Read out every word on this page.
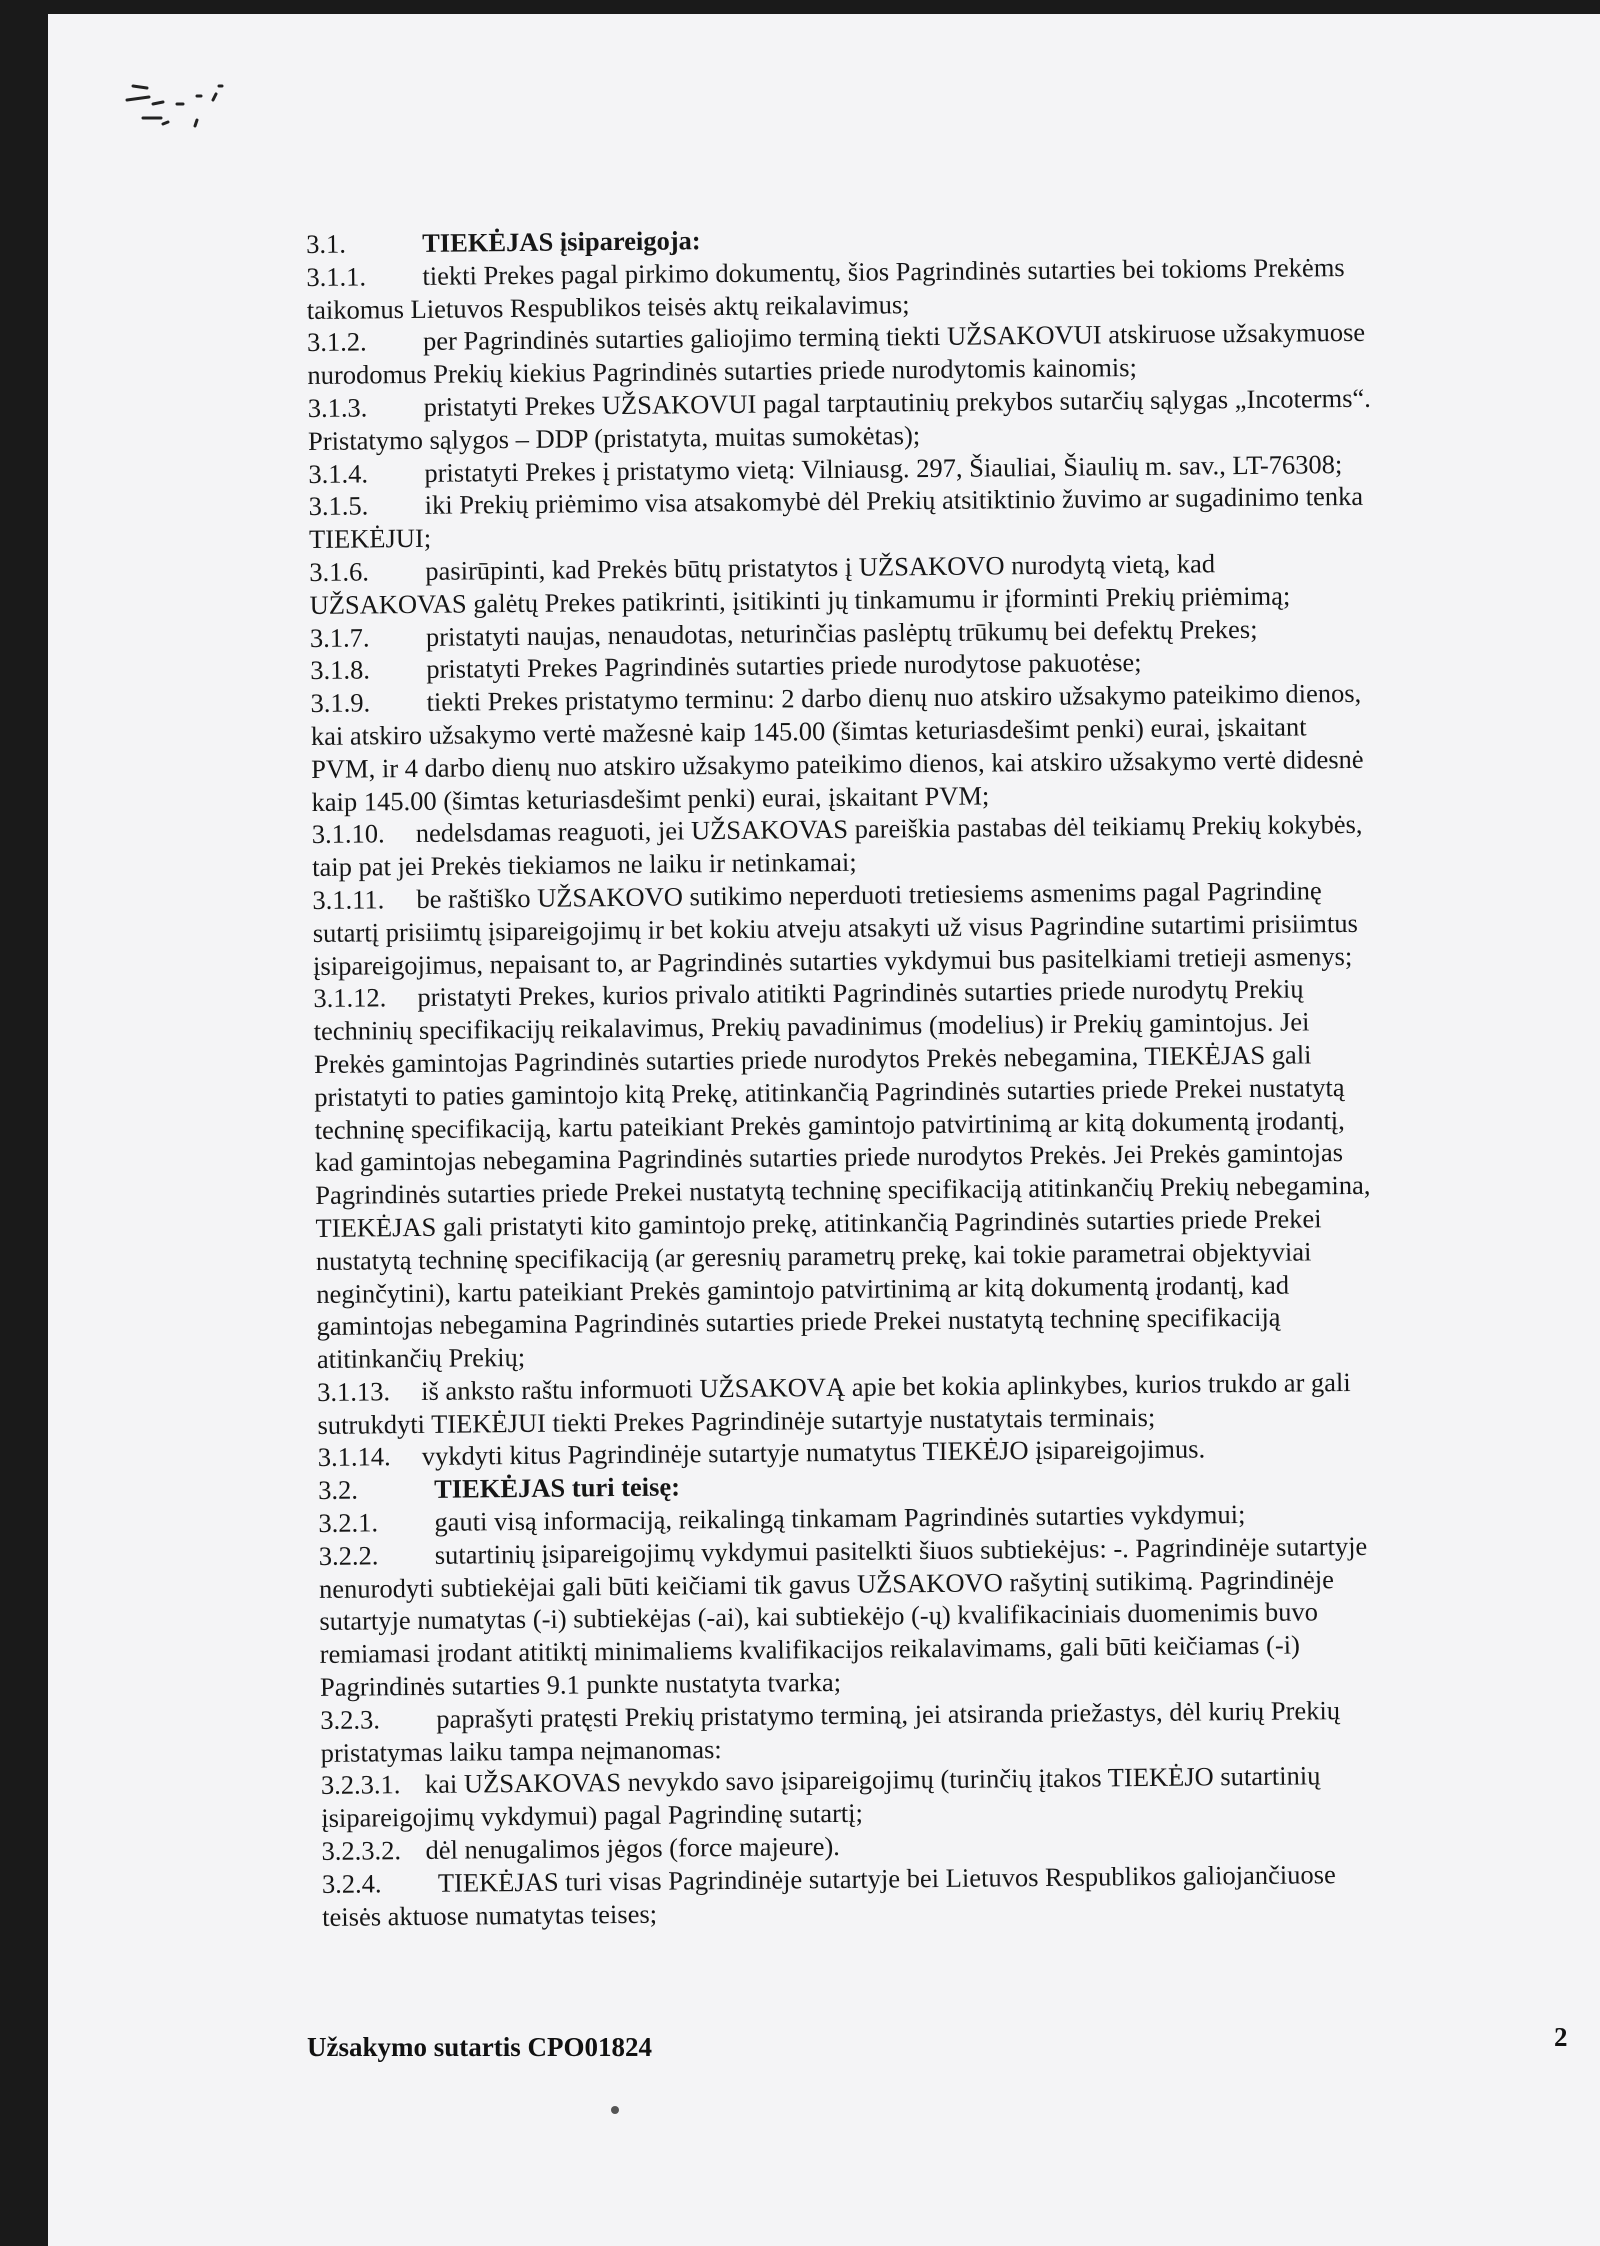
3.1.	TIEKĖJAS įsipareigoja:
3.1.1. tiekti Prekes pagal pirkimo dokumentų, šios Pagrindinės sutarties bei tokioms Prekėms
taikomus Lietuvos Respublikos teisės aktų reikalavimus;
3.1.2. per Pagrindinės sutarties galiojimo terminą tiekti UŽSAKOVUI atskiruose užsakymuose
nurodomus Prekių kiekius Pagrindinės sutarties priede nurodytomis kainomis;
3.1.3. pristatyti Prekes UŽSAKOVUI pagal tarptautinių prekybos sutarčių sąlygas „Incoterms“.
Pristatymo sąlygos – DDP (pristatyta, muitas sumokėtas);
3.1.4. pristatyti Prekes į pristatymo vietą: Vilniausg. 297, Šiauliai, Šiaulių m. sav., LT-76308;
3.1.5. iki Prekių priėmimo visa atsakomybė dėl Prekių atsitiktinio žuvimo ar sugadinimo tenka
TIEKĖJUI;
3.1.6. pasirūpinti, kad Prekės būtų pristatytos į UŽSAKOVO nurodytą vietą, kad
UŽSAKOVAS galėtų Prekes patikrinti, įsitikinti jų tinkamumu ir įforminti Prekių priėmimą;
3.1.7. pristatyti naujas, nenaudotas, neturinčias paslėptų trūkumų bei defektų Prekes;
3.1.8. pristatyti Prekes Pagrindinės sutarties priede nurodytose pakuotėse;
3.1.9. tiekti Prekes pristatymo terminu: 2 darbo dienų nuo atskiro užsakymo pateikimo dienos,
kai atskiro užsakymo vertė mažesnė kaip 145.00 (šimtas keturiasdešimt penki) eurai, įskaitant
PVM, ir 4 darbo dienų nuo atskiro užsakymo pateikimo dienos, kai atskiro užsakymo vertė didesnė
kaip 145.00 (šimtas keturiasdešimt penki) eurai, įskaitant PVM;
3.1.10. nedelsdamas reaguoti, jei UŽSAKOVAS pareiškia pastabas dėl teikiamų Prekių kokybės,
taip pat jei Prekės tiekiamos ne laiku ir netinkamai;
3.1.11. be raštiško UŽSAKOVO sutikimo neperduoti tretiesiems asmenims pagal Pagrindinę
sutartį prisiimtų įsipareigojimų ir bet kokiu atveju atsakyti už visus Pagrindine sutartimi prisiimtus
įsipareigojimus, nepaisant to, ar Pagrindinės sutarties vykdymui bus pasitelkiami tretieji asmenys;
3.1.12. pristatyti Prekes, kurios privalo atitikti Pagrindinės sutarties priede nurodytų Prekių
techninių specifikacijų reikalavimus, Prekių pavadinimus (modelius) ir Prekių gamintojus. Jei
Prekės gamintojas Pagrindinės sutarties priede nurodytos Prekės nebegamina, TIEKĖJAS gali
pristatyti to paties gamintojo kitą Prekę, atitinkančią Pagrindinės sutarties priede Prekei nustatytą
techninę specifikaciją, kartu pateikiant Prekės gamintojo patvirtinimą ar kitą dokumentą įrodantį,
kad gamintojas nebegamina Pagrindinės sutarties priede nurodytos Prekės. Jei Prekės gamintojas
Pagrindinės sutarties priede Prekei nustatytą techninę specifikaciją atitinkančių Prekių nebegamina,
TIEKĖJAS gali pristatyti kito gamintojo prekę, atitinkančią Pagrindinės sutarties priede Prekei
nustatytą techninę specifikaciją (ar geresnių parametrų prekę, kai tokie parametrai objektyviai
neginčytini), kartu pateikiant Prekės gamintojo patvirtinimą ar kitą dokumentą įrodantį, kad
gamintojas nebegamina Pagrindinės sutarties priede Prekei nustatytą techninę specifikaciją
atitinkančių Prekių;
3.1.13. iš anksto raštu informuoti UŽSAKOVĄ apie bet kokia aplinkybes, kurios trukdo ar gali
sutrukdyti TIEKĖJUI tiekti Prekes Pagrindinėje sutartyje nustatytais terminais;
3.1.14. vykdyti kitus Pagrindinėje sutartyje numatytus TIEKĖJO įsipareigojimus.
3.2.	TIEKĖJAS turi teisę:
3.2.1. gauti visą informaciją, reikalingą tinkamam Pagrindinės sutarties vykdymui;
3.2.2. sutartinių įsipareigojimų vykdymui pasitelkti šiuos subtiekėjus: -. Pagrindinėje sutartyje
nenurodyti subtiekėjai gali būti keičiami tik gavus UŽSAKOVO rašytinį sutikimą. Pagrindinėje
sutartyje numatytas (-i) subtiekėjas (-ai), kai subtiekėjo (-ų) kvalifikaciniais duomenimis buvo
remiamasi įrodant atitiktį minimaliems kvalifikacijos reikalavimams, gali būti keičiamas (-i)
Pagrindinės sutarties 9.1 punkte nustatyta tvarka;
3.2.3. paprašyti pratęsti Prekių pristatymo terminą, jei atsiranda priežastys, dėl kurių Prekių
pristatymas laiku tampa neįmanomas:
3.2.3.1. kai UŽSAKOVAS nevykdo savo įsipareigojimų (turinčių įtakos TIEKĖJO sutartinių
įsipareigojimų vykdymui) pagal Pagrindinę sutartį;
3.2.3.2. dėl nenugalimos jėgos (force majeure).
3.2.4. TIEKĖJAS turi visas Pagrindinėje sutartyje bei Lietuvos Respublikos galiojančiuose
teisės aktuose numatytas teises;
Užsakymo sutartis CPO01824	2
